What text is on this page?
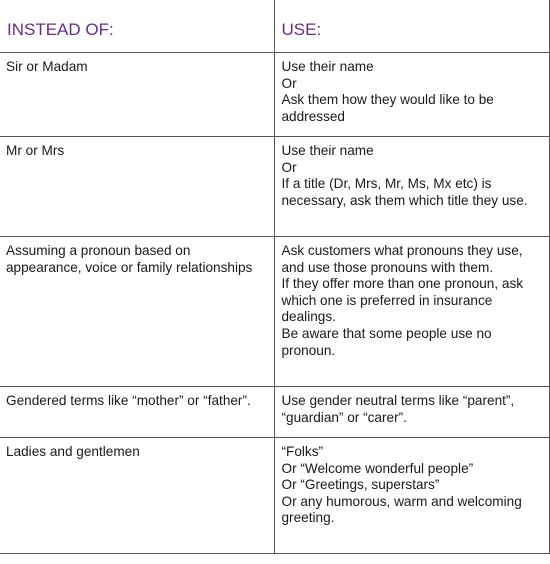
INSTEAD OF:	USE:

Sir or Madam	Use their name
Or
Ask them how they would like to be addressed

Mr or Mrs	Use their name
Or
If a title (Dr, Mrs, Mr, Ms, Mx etc) is necessary, ask them which title they use.

Assuming a pronoun based on appearance, voice or family relationships	Ask customers what pronouns they use, and use those pronouns with them.
If they offer more than one pronoun, ask which one is preferred in insurance dealings.
Be aware that some people use no pronoun.

Gendered terms like “mother” or “father”.	Use gender neutral terms like “parent”, “guardian” or “carer”.

Ladies and gentlemen	“Folks”
Or “Welcome wonderful people”
Or “Greetings, superstars”
Or any humorous, warm and welcoming greeting.
